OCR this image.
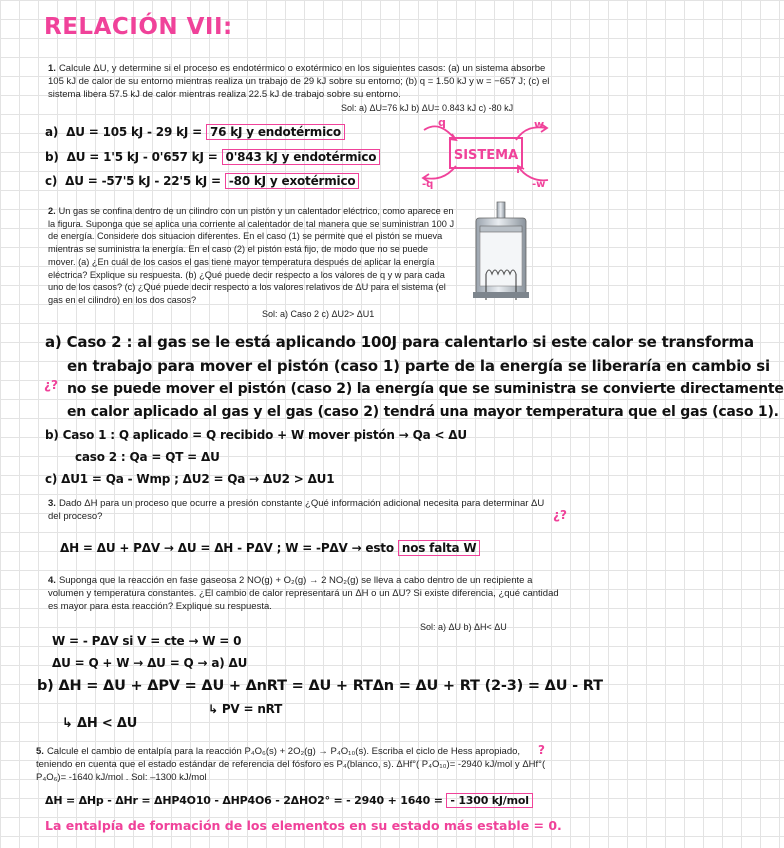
RELACIÓN VII:
1. Calcule ΔU, y determine si el proceso es endotérmico o exotérmico en los siguientes casos: (a) un sistema absorbe 105 kJ de calor de su entorno mientras realiza un trabajo de 29 kJ sobre su entorno; (b) q = 1.50 kJ y w = −657 J; (c) el sistema libera 57.5 kJ de calor mientras realiza 22.5 kJ de trabajo sobre su entorno.
Sol: a) ΔU=76 kJ b) ΔU= 0.843 kJ c) -80 kJ
a) ΔU = 105 kJ - 29 kJ = 76 kJ y endotérmico
b) ΔU = 1'5 kJ - 0'657 kJ = 0'843 kJ y endotérmico
c) ΔU = -57'5 kJ - 22'5 kJ = -80 kJ y exotérmico
SISTEMA
q	w
-q	-w
2. Un gas se confina dentro de un cilindro con un pistón y un calentador eléctrico, como aparece en la figura. Suponga que se aplica una corriente al calentador de tal manera que se suministran 100 J de energía. Considere dos situacion diferentes. En el caso (1) se permite que el pistón se mueva mientras se suministra la energía. En el caso (2) el pistón está fijo, de modo que no se puede mover. (a) ¿En cuál de los casos el gas tiene mayor temperatura después de aplicar la energía eléctrica? Explique su respuesta. (b) ¿Qué puede decir respecto a los valores de q y w para cada uno de los casos? (c) ¿Qué puede decir respecto a los valores relativos de ΔU para el sistema (el gas en el cilindro) en los dos casos?
Sol: a) Caso 2 c) ΔU2> ΔU1
a) Caso 2 : al gas se le está aplicando 100J para calentarlo si este calor se transforma
en trabajo para mover el pistón (caso 1) parte de la energía se liberaría en cambio si
¿? no se puede mover el pistón (caso 2) la energía que se suministra se convierte directamente
en calor aplicado al gas y el gas (caso 2) tendrá una mayor temperatura que el gas (caso 1).
b) Caso 1 : Q aplicado = Q recibido + W mover pistón → Qa < ΔU
caso 2 : Qa = QT = ΔU
c) ΔU1 = Qa - Wmp ; ΔU2 = Qa → ΔU2 > ΔU1
3. Dado ΔH para un proceso que ocurre a presión constante ¿Qué información adicional necesita para determinar ΔU del proceso?	¿?
ΔH = ΔU + PΔV → ΔU = ΔH - PΔV ; W = -PΔV → esto nos falta W
4. Suponga que la reacción en fase gaseosa 2 NO(g) + O₂(g) → 2 NO₂(g) se lleva a cabo dentro de un recipiente a volumen y temperatura constantes. ¿El cambio de calor representará un ΔH o un ΔU? Si existe diferencia, ¿qué cantidad es mayor para esta reacción? Explique su respuesta.
Sol: a) ΔU b) ΔH< ΔU
W = - PΔV si V = cte → W = 0
ΔU = Q + W → ΔU = Q → a) ΔU
b) ΔH = ΔU + ΔPV = ΔU + ΔnRT = ΔU + RTΔn = ΔU + RT (2-3) = ΔU - RT
↳ PV = nRT
↳ ΔH < ΔU
5. Calcule el cambio de entalpía para la reacción P₄O₆(s) + 2O₂(g) → P₄O₁₀(s). Escriba el ciclo de Hess apropiado, teniendo en cuenta que el estado estándar de referencia del fósforo es P₄(blanco, s). ΔHf°( P₄O₁₀)= -2940 kJ/mol y ΔHf°( P₄O₆)= -1640 kJ/mol . Sol: –1300 kJ/mol
?
ΔH = ΔHp - ΔHr = ΔHP4O10 - ΔHP4O6 - 2ΔHO2° = - 2940 + 1640 = - 1300 kJ/mol
La entalpía de formación de los elementos en su estado más estable = 0.
